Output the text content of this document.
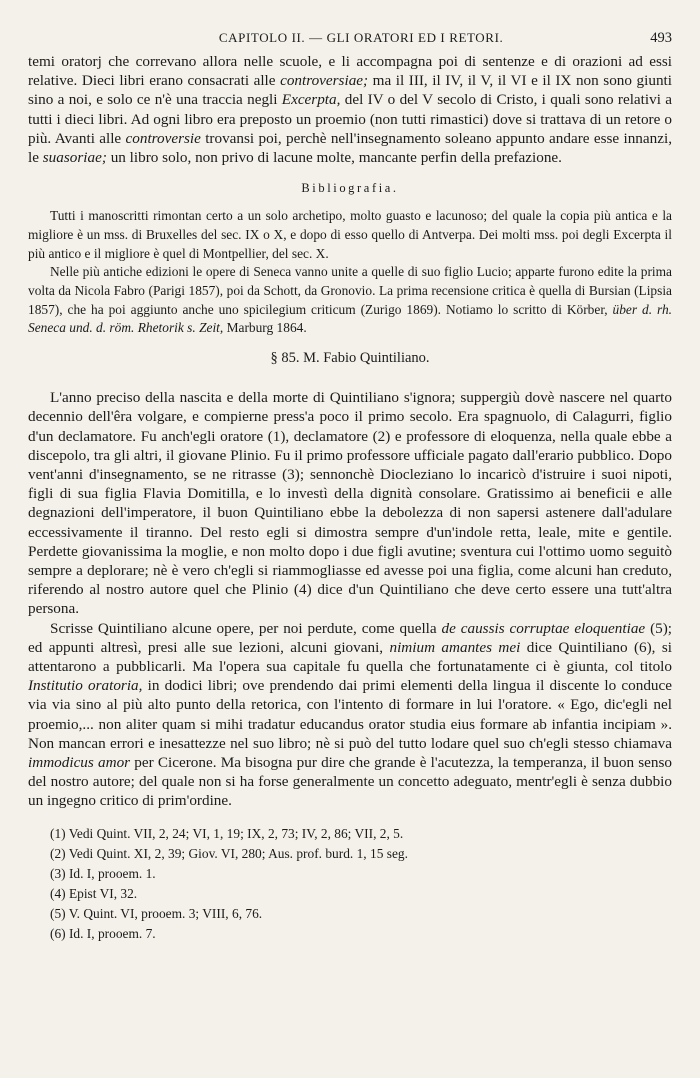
CAPITOLO II. — GLI ORATORI ED I RETORI.	493

temi oratorj che correvano allora nelle scuole, e li accompagna poi di sentenze e di orazioni ad essi relative. Dieci libri erano consacrati alle controversiae; ma il III, il IV, il V, il VI e il IX non sono giunti sino a noi, e solo ce n'è una traccia negli Excerpta, del IV o del V secolo di Cristo, i quali sono relativi a tutti i dieci libri. Ad ogni libro era preposto un proemio (non tutti rimastici) dove si trattava di un retore o più. Avanti alle controversie trovansi poi, perchè nell'insegnamento soleano appunto andare esse innanzi, le suasoriae; un libro solo, non privo di lacune molte, mancante perfin della prefazione.

Bibliografia.

Tutti i manoscritti rimontan certo a un solo archetipo, molto guasto e lacunoso; del quale la copia più antica e la migliore è un mss. di Bruxelles del sec. IX o X, e dopo di esso quello di Antverpa. Dei molti mss. poi degli Excerpta il più antico e il migliore è quel di Montpellier, del sec. X.

Nelle più antiche edizioni le opere di Seneca vanno unite a quelle di suo figlio Lucio; apparte furono edite la prima volta da Nicola Fabro (Parigi 1857), poi da Schott, da Gronovio. La prima recensione critica è quella di Bursian (Lipsia 1857), che ha poi aggiunto anche uno spicilegium criticum (Zurigo 1869). Notiamo lo scritto di Körber, über d. rh. Seneca und. d. röm. Rhetorik s. Zeit, Marburg 1864.

§ 85. M. Fabio Quintiliano.

L'anno preciso della nascita e della morte di Quintiliano s'ignora; suppergiù dovè nascere nel quarto decennio dell'êra volgare, e compierne press'a poco il primo secolo. Era spagnuolo, di Calagurri, figlio d'un declamatore. Fu anch'egli oratore (1), declamatore (2) e professore di eloquenza, nella quale ebbe a discepolo, tra gli altri, il giovane Plinio. Fu il primo professore ufficiale pagato dall'erario pubblico. Dopo vent'anni d'insegnamento, se ne ritrasse (3); sennonchè Diocleziano lo incaricò d'istruire i suoi nipoti, figli di sua figlia Flavia Domitilla, e lo investì della dignità consolare. Gratissimo ai beneficii e alle degnazioni dell'imperatore, il buon Quintiliano ebbe la debolezza di non sapersi astenere dall'adulare eccessivamente il tiranno. Del resto egli si dimostra sempre d'un'indole retta, leale, mite e gentile. Perdette giovanissima la moglie, e non molto dopo i due figli avutine; sventura cui l'ottimo uomo seguitò sempre a deplorare; nè è vero ch'egli si riammogliasse ed avesse poi una figlia, come alcuni han creduto, riferendo al nostro autore quel che Plinio (4) dice d'un Quintiliano che deve certo essere una tutt'altra persona.

Scrisse Quintiliano alcune opere, per noi perdute, come quella de caussis corruptae eloquentiae (5); ed appunti altresì, presi alle sue lezioni, alcuni giovani, nimium amantes mei dice Quintiliano (6), si attentarono a pubblicarli. Ma l'opera sua capitale fu quella che fortunatamente ci è giunta, col titolo Institutio oratoria, in dodici libri; ove prendendo dai primi elementi della lingua il discente lo conduce via via sino al più alto punto della retorica, con l'intento di formare in lui l'oratore. « Ego, dic'egli nel proemio,... non aliter quam si mihi tradatur educandus orator studia eius formare ab infantia incipiam ». Non mancan errori e inesattezze nel suo libro; nè si può del tutto lodare quel suo ch'egli stesso chiamava immodicus amor per Cicerone. Ma bisogna pur dire che grande è l'acutezza, la temperanza, il buon senso del nostro autore; del quale non si ha forse generalmente un concetto adeguato, mentr'egli è senza dubbio un ingegno critico di prim'ordine.

(1) Vedi Quint. VII, 2, 24; VI, 1, 19; IX, 2, 73; IV, 2, 86; VII, 2, 5.
(2) Vedi Quint. XI, 2, 39; Giov. VI, 280; Aus. prof. burd. 1, 15 seg.
(3) Id. I, prooem. 1.
(4) Epist VI, 32.
(5) V. Quint. VI, prooem. 3; VIII, 6, 76.
(6) Id. I, prooem. 7.
